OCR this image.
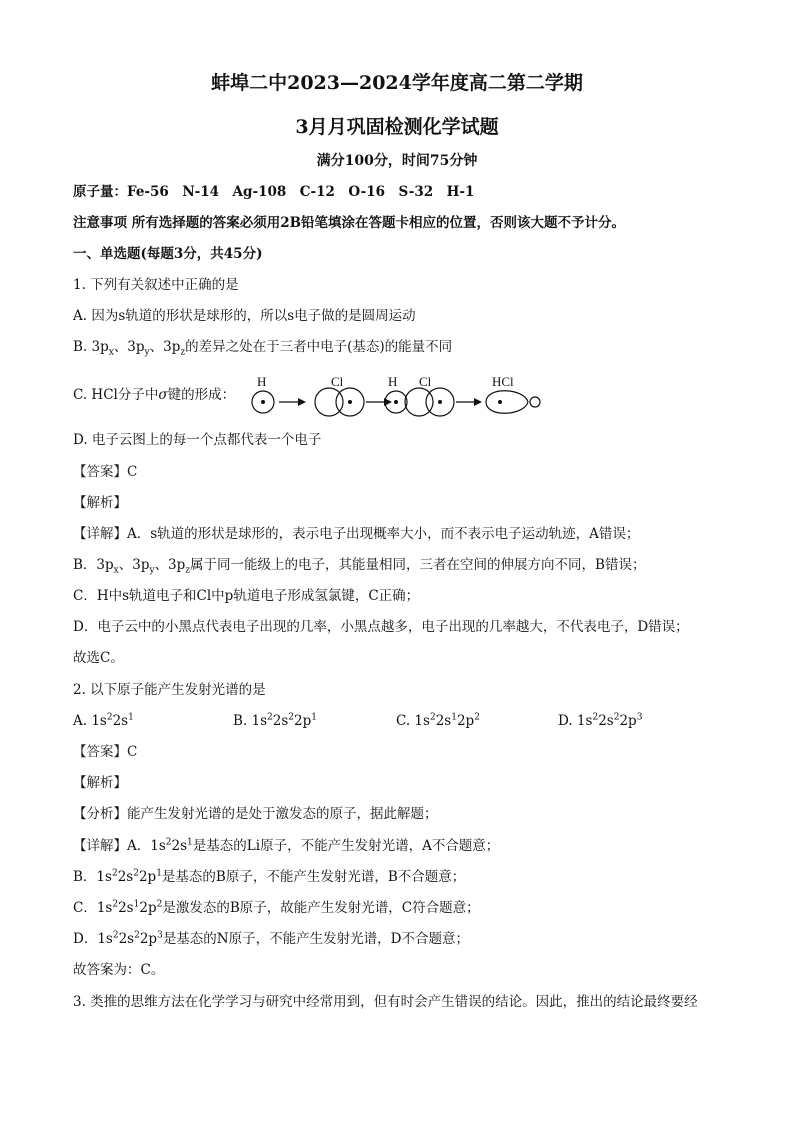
蚌埠二中2023—2024学年度高二第二学期
3月月巩固检测化学试题
满分100分，时间75分钟
原子量：Fe-56　N-14　Ag-108　C-12　O-16　S-32　H-1
注意事项 所有选择题的答案必须用2B铅笔填涂在答题卡相应的位置，否则该大题不予计分。
一、单选题(每题3分，共45分)
1. 下列有关叙述中正确的是
A. 因为s轨道的形状是球形的，所以s电子做的是圆周运动
B. $3p_x$、$3p_y$、$3p_z$的差异之处在于三者中电子(基态)的能量不同
C. HCl分子中σ键的形成：
H	Cl	H Cl	HCl
D. 电子云图上的每一个点都代表一个电子
【答案】C
【解析】
【详解】A．s轨道的形状是球形的，表示电子出现概率大小，而不表示电子运动轨迹，A错误；
B．$3p_x$、$3p_y$、$3p_z$属于同一能级上的电子，其能量相同，三者在空间的伸展方向不同，B错误；
C．H中s轨道电子和Cl中p轨道电子形成氢氯键，C正确；
D．电子云中的小黑点代表电子出现的几率，小黑点越多，电子出现的几率越大，不代表电子，D错误；
故选C。
2. 以下原子能产生发射光谱的是
A. $1s^22s^1$	B. $1s^22s^22p^1$	C. $1s^22s^12p^2$	D. $1s^22s^22p^3$
【答案】C
【解析】
【分析】能产生发射光谱的是处于激发态的原子，据此解题；
【详解】A．$1s^22s^1$是基态的Li原子，不能产生发射光谱，A不合题意；
B．$1s^22s^22p^1$是基态的B原子，不能产生发射光谱，B不合题意；
C．$1s^22s^12p^2$是激发态的B原子，故能产生发射光谱，C符合题意；
D．$1s^22s^22p^3$是基态的N原子，不能产生发射光谱，D不合题意；
故答案为：C。
3. 类推的思维方法在化学学习与研究中经常用到，但有时会产生错误的结论。因此，推出的结论最终要经
